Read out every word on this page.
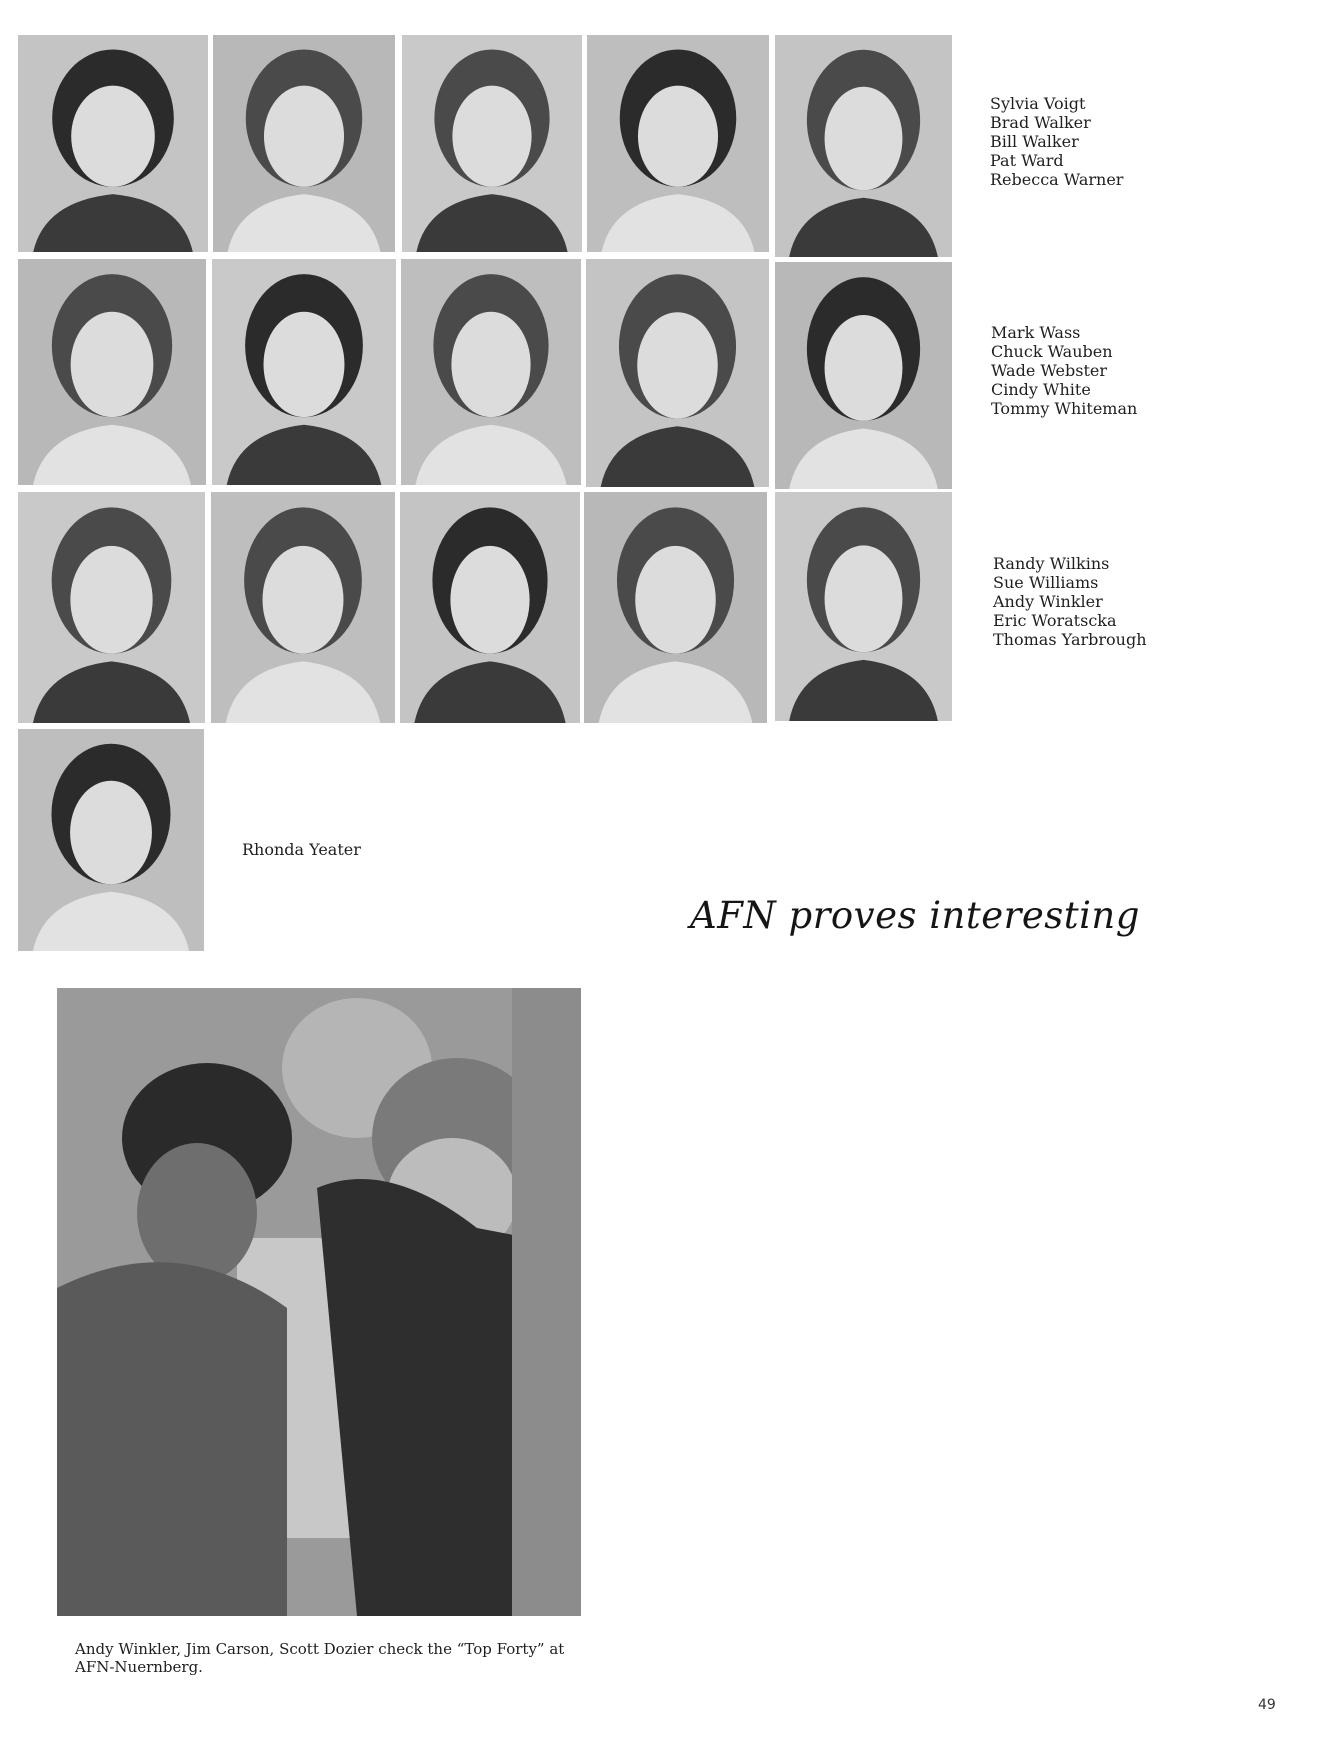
Sylvia Voigt
Brad Walker
Bill Walker
Pat Ward
Rebecca Warner
Mark Wass
Chuck Wauben
Wade Webster
Cindy White
Tommy Whiteman
Randy Wilkins
Sue Williams
Andy Winkler
Eric Woratscka
Thomas Yarbrough
Rhonda Yeater
AFN proves interesting
Andy Winkler, Jim Carson, Scott Dozier check the “Top Forty” at AFN-Nuernberg.
49
